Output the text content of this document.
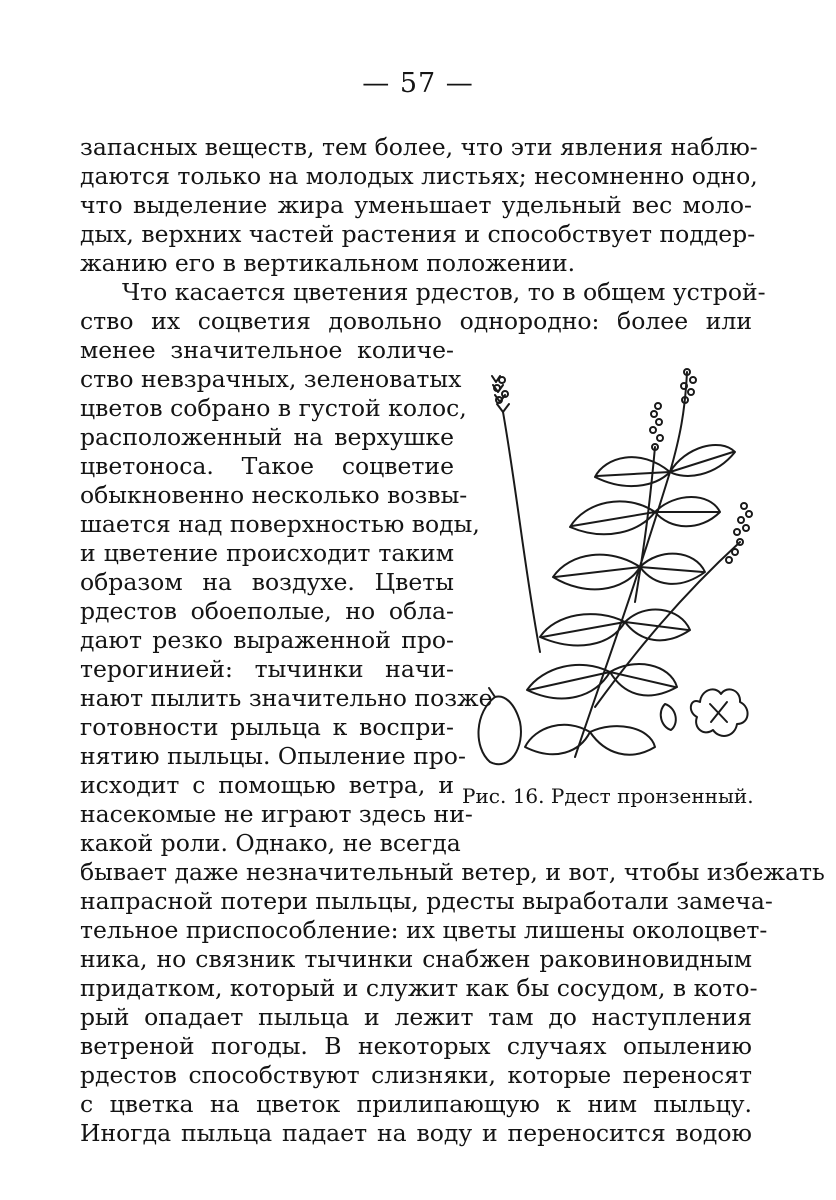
— 57 —
запасных веществ, тем более, что эти явления наблю-
даются только на молодых листьях; несомненно одно,
что выделение жира уменьшает удельный вес моло-
дых, верхних частей растения и способствует поддер-
жанию его в вертикальном положении.
Что касается цветения рдестов, то в общем устрой-
ство их соцветия довольно однородно: более или
менее значительное количе-
ство невзрачных, зеленоватых
цветов собрано в густой колос,
расположенный на верхушке
цветоноса. Такое соцветие
обыкновенно несколько возвы-
шается над поверхностью воды,
и цветение происходит таким
образом на воздухе. Цветы
рдестов обоеполые, но обла-
дают резко выраженной про-
терогинией: тычинки начи-
нают пылить значительно позже
готовности рыльца к воспри-
нятию пыльцы. Опыление про-
исходит с помощью ветра, и
насекомые не играют здесь ни-
какой роли. Однако, не всегда
бывает даже незначительный ветер, и вот, чтобы избежать
напрасной потери пыльцы, рдесты выработали замеча-
тельное приспособление: их цветы лишены околоцвет-
ника, но связник тычинки снабжен раковиновидным
придатком, который и служит как бы сосудом, в кото-
рый опадает пыльца и лежит там до наступления
ветреной погоды. В некоторых случаях опылению
рдестов способствуют слизняки, которые переносят
с цветка на цветок прилипающую к ним пыльцу.
Иногда пыльца падает на воду и переносится водою
Рис. 16. Рдест пронзенный.
